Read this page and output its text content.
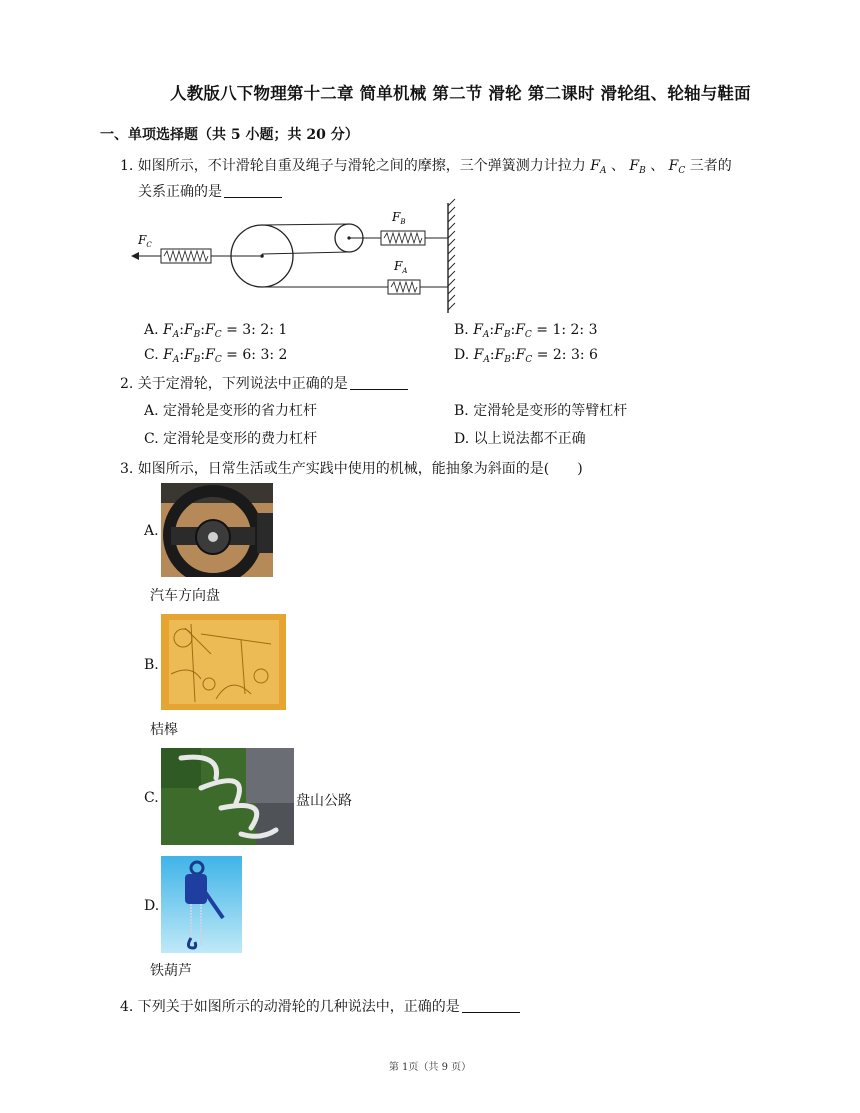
人教版八下物理第十二章 简单机械 第二节 滑轮 第二课时 滑轮组、轮轴与鞋面
一、单项选择题（共 5 小题；共 20 分）
1. 如图所示，不计滑轮自重及绳子与滑轮之间的摩擦，三个弹簧测力计拉力 $F_A$ 、 $F_B$ 、 $F_C$ 三者的
关系正确的是
$F_B$
$F_A$
$F_C$
A. $F_A:F_B:F_C = 3$: 2: 1	B. $F_A:F_B:F_C = 1$: 2: 3
C. $F_A:F_B:F_C = 6$: 3: 2	D. $F_A:F_B:F_C = 2$: 3: 6
2. 关于定滑轮，下列说法中正确的是
A. 定滑轮是变形的省力杠杆	B. 定滑轮是变形的等臂杠杆
C. 定滑轮是变形的费力杠杆	D. 以上说法都不正确
3. 如图所示，日常生活或生产实践中使用的机械，能抽象为斜面的是(　　)
A.
汽车方向盘
B.
桔槔
C.	盘山公路
D.
铁葫芦
4. 下列关于如图所示的动滑轮的几种说法中，正确的是
第 1页（共 9 页）
